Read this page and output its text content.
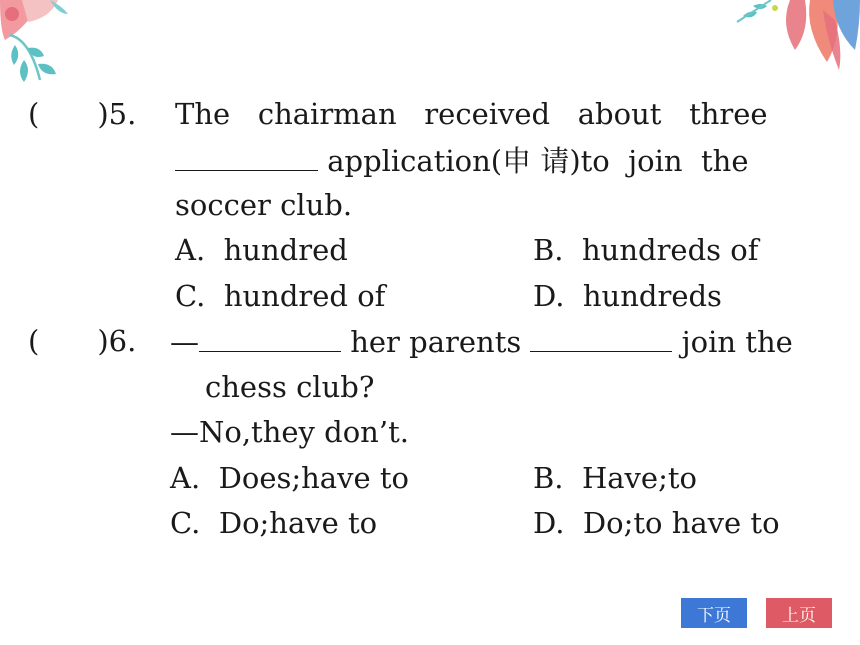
(　　)5. The   chairman   received   about   three
application(申 请)to  join  the
soccer club.
A. hundred	B. hundreds of
C. hundred of	D. hundreds
(　　)6. —	her parents	join the
chess club?
—No,they don’t.
A. Does;have to	B. Have;to
C. Do;have to	D. Do;to have to
下页	上页
